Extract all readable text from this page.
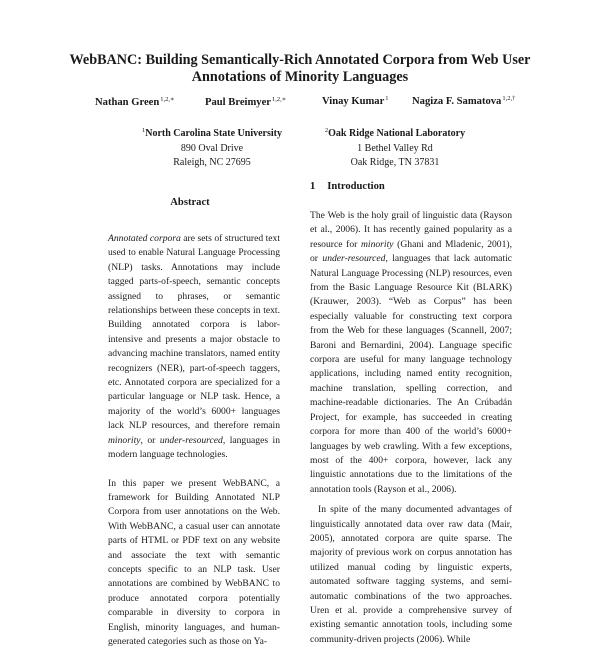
WebBANC: Building Semantically-Rich Annotated Corpora from Web User Annotations of Minority Languages
Nathan Green$^{1,2,∗}$	Paul Breimyer$^{1,2,∗}$	Vinay Kumar$^1$ Nagiza F. Samatova$^{1,2,\dagger}$
$^1$North Carolina State University
890 Oval Drive
Raleigh, NC 27695
$^2$Oak Ridge National Laboratory
1 Bethel Valley Rd
Oak Ridge, TN 37831
Abstract

Annotated corpora are sets of structured text used to enable Natural Language Processing (NLP) tasks. Annotations may include tagged parts-of-speech, semantic concepts assigned to phrases, or semantic relationships between these concepts in text. Building annotated corpora is labor-intensive and presents a major obstacle to advancing machine translators, named entity recognizers (NER), part-of-speech taggers, etc. Annotated corpora are specialized for a particular language or NLP task. Hence, a majority of the world’s 6000+ languages lack NLP resources, and therefore remain minority, or under-resourced, languages in modern language technologies.

In this paper we present WebBANC, a framework for Building Annotated NLP Corpora from user annotations on the Web. With WebBANC, a casual user can annotate parts of HTML or PDF text on any website and associate the text with semantic concepts specific to an NLP task. User annotations are combined by WebBANC to produce annotated corpora potentially comparable in diversity to corpora in English, minority languages, and human-generated categories such as those on Ya-

1 Introduction

The Web is the holy grail of linguistic data (Rayson et al., 2006). It has recently gained popularity as a resource for minority (Ghani and Mladenic, 2001), or under-resourced, languages that lack automatic Natural Language Processing (NLP) resources, even from the Basic Language Resource Kit (BLARK) (Krauwer, 2003). “Web as Corpus” has been especially valuable for constructing text corpora from the Web for these languages (Scannell, 2007; Baroni and Bernardini, 2004). Language specific corpora are useful for many language technology applications, including named entity recognition, machine translation, spelling correction, and machine-readable dictionaries. The An Crúbadán Project, for example, has succeeded in creating corpora for more than 400 of the world’s 6000+ languages by web crawling. With a few exceptions, most of the 400+ corpora, however, lack any linguistic annotations due to the limitations of the annotation tools (Rayson et al., 2006).

In spite of the many documented advantages of linguistically annotated data over raw data (Mair, 2005), annotated corpora are quite sparse. The majority of previous work on corpus annotation has utilized manual coding by linguistic experts, automated software tagging systems, and semi-automatic combinations of the two approaches. Uren et al. provide a comprehensive survey of existing semantic annotation tools, including some community-driven projects (2006). While
